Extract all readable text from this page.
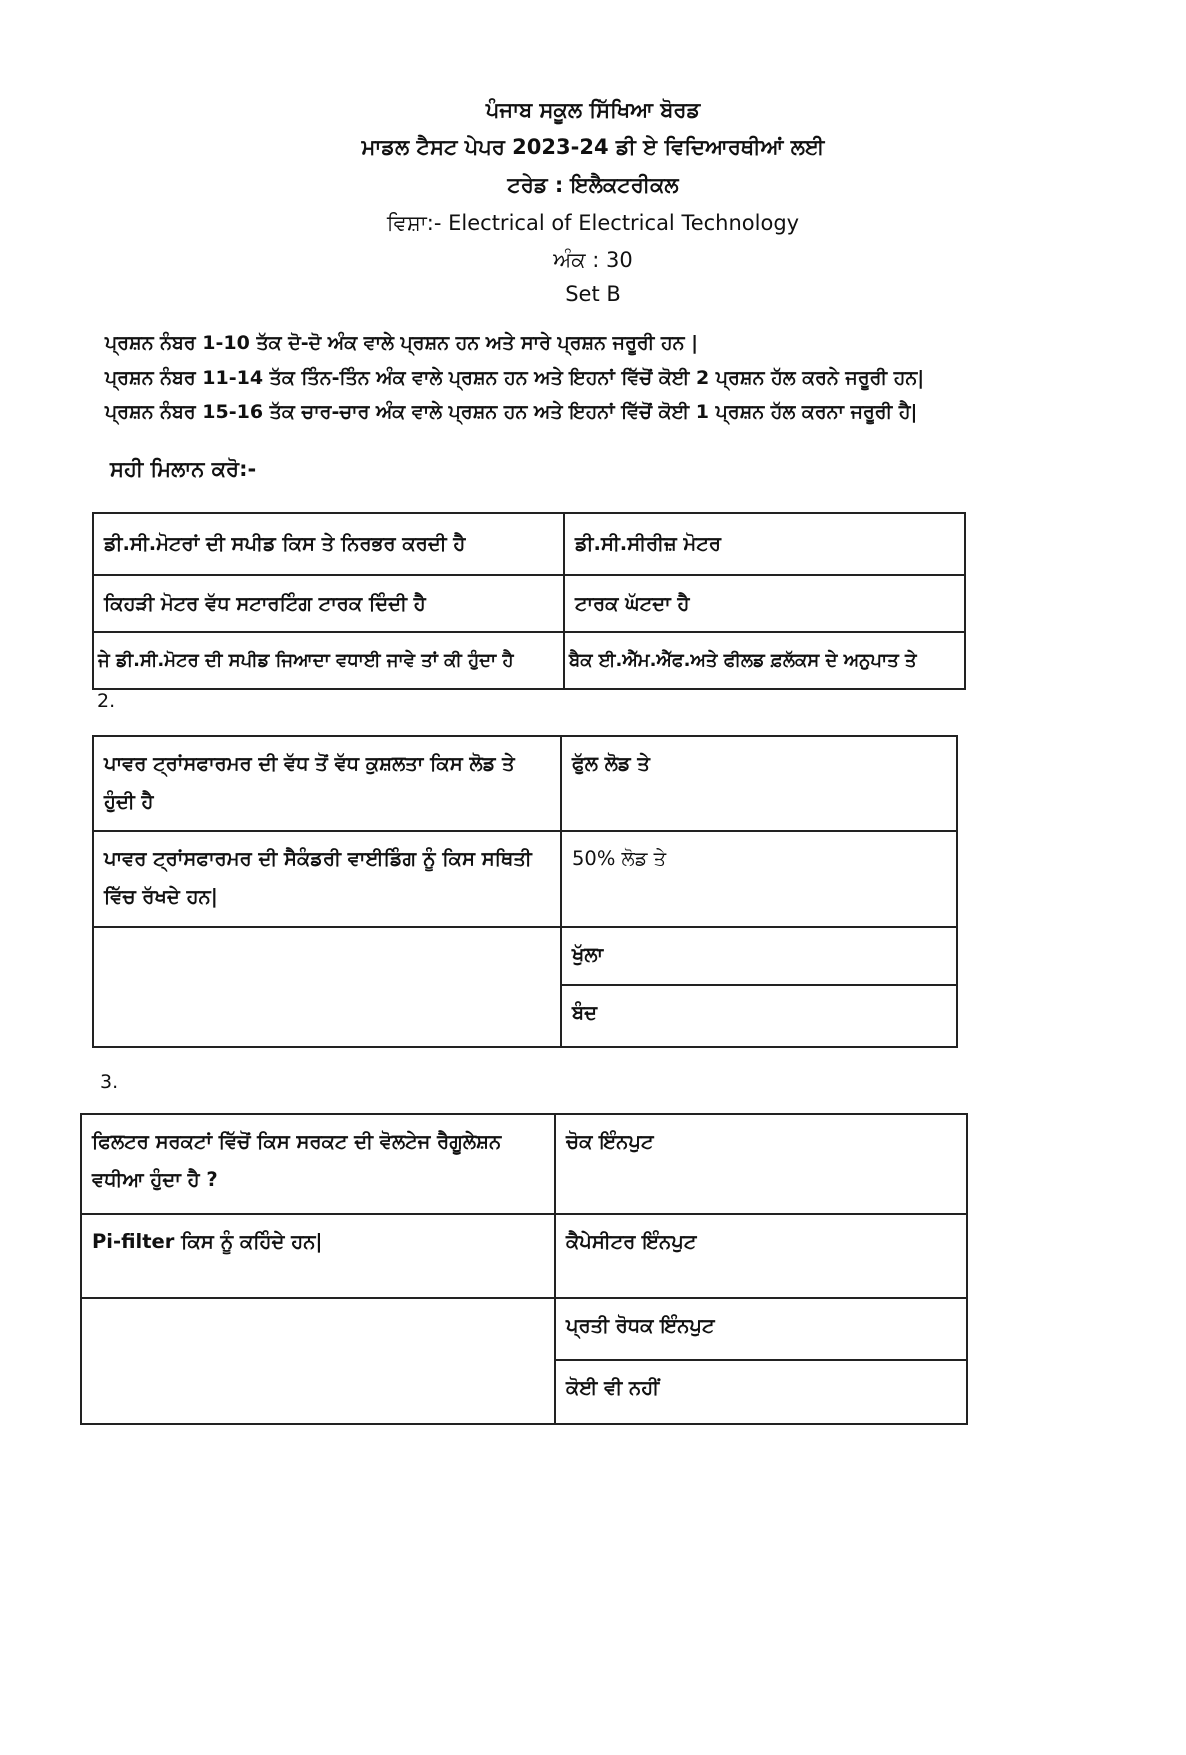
ਪੰਜਾਬ ਸਕੂਲ ਸਿੱਖਿਆ ਬੋਰਡ
ਮਾਡਲ ਟੈਸਟ ਪੇਪਰ 2023-24 ਡੀ ਏ ਵਿਦਿਆਰਥੀਆਂ ਲਈ
ਟਰੇਡ : ਇਲੈਕਟਰੀਕਲ
ਵਿਸ਼ਾ:- Electrical of Electrical Technology
ਅੰਕ : 30
Set B
ਪ੍ਰਸ਼ਨ ਨੰਬਰ 1-10 ਤੱਕ ਦੋ-ਦੋ ਅੰਕ ਵਾਲੇ ਪ੍ਰਸ਼ਨ ਹਨ ਅਤੇ ਸਾਰੇ ਪ੍ਰਸ਼ਨ ਜਰੂਰੀ ਹਨ |
ਪ੍ਰਸ਼ਨ ਨੰਬਰ 11-14 ਤੱਕ ਤਿੰਨ-ਤਿੰਨ ਅੰਕ ਵਾਲੇ ਪ੍ਰਸ਼ਨ ਹਨ ਅਤੇ ਇਹਨਾਂ ਵਿੱਚੋਂ ਕੋਈ 2 ਪ੍ਰਸ਼ਨ ਹੱਲ ਕਰਨੇ ਜਰੂਰੀ ਹਨ|
ਪ੍ਰਸ਼ਨ ਨੰਬਰ 15-16 ਤੱਕ ਚਾਰ-ਚਾਰ ਅੰਕ ਵਾਲੇ ਪ੍ਰਸ਼ਨ ਹਨ ਅਤੇ ਇਹਨਾਂ ਵਿੱਚੋਂ ਕੋਈ 1 ਪ੍ਰਸ਼ਨ ਹੱਲ ਕਰਨਾ ਜਰੂਰੀ ਹੈ|
ਸਹੀ ਮਿਲਾਨ ਕਰੋ:-
ਡੀ.ਸੀ.ਮੋਟਰਾਂ ਦੀ ਸਪੀਡ ਕਿਸ ਤੇ ਨਿਰਭਰ ਕਰਦੀ ਹੈ	ਡੀ.ਸੀ.ਸੀਰੀਜ਼ ਮੋਟਰ
ਕਿਹੜੀ ਮੋਟਰ ਵੱਧ ਸਟਾਰਟਿੰਗ ਟਾਰਕ ਦਿੰਦੀ ਹੈ	ਟਾਰਕ ਘੱਟਦਾ ਹੈ
ਜੇ ਡੀ.ਸੀ.ਮੋਟਰ ਦੀ ਸਪੀਡ ਜਿਆਦਾ ਵਧਾਈ ਜਾਵੇ ਤਾਂ ਕੀ ਹੁੰਦਾ ਹੈ	ਬੈਕ ਈ.ਐੱਮ.ਐੱਫ.ਅਤੇ ਫੀਲਡ ਫ਼ਲੱਕਸ ਦੇ ਅਨੁਪਾਤ ਤੇ
2.
ਪਾਵਰ ਟ੍ਰਾਂਸਫਾਰਮਰ ਦੀ ਵੱਧ ਤੋਂ ਵੱਧ ਕੁਸ਼ਲਤਾ ਕਿਸ ਲੋਡ ਤੇ ਹੁੰਦੀ ਹੈ	ਫੁੱਲ ਲੋਡ ਤੇ
ਪਾਵਰ ਟ੍ਰਾਂਸਫਾਰਮਰ ਦੀ ਸੈਕੰਡਰੀ ਵਾਈਡਿੰਗ ਨੂੰ ਕਿਸ ਸਥਿਤੀ ਵਿੱਚ ਰੱਖਦੇ ਹਨ|	50% ਲੋਡ ਤੇ
	ਖੁੱਲਾ
	ਬੰਦ
3.
ਫਿਲਟਰ ਸਰਕਟਾਂ ਵਿੱਚੋਂ ਕਿਸ ਸਰਕਟ ਦੀ ਵੋਲਟੇਜ ਰੈਗੂਲੇਸ਼ਨ ਵਧੀਆ ਹੁੰਦਾ ਹੈ ?	ਚੋਕ ਇੰਨਪੁਟ
Pi-filter ਕਿਸ ਨੂੰ ਕਹਿੰਦੇ ਹਨ|	ਕੈਪੇਸੀਟਰ ਇੰਨਪੁਟ
	ਪ੍ਰਤੀ ਰੋਧਕ ਇੰਨਪੁਟ
	ਕੋਈ ਵੀ ਨਹੀਂ
